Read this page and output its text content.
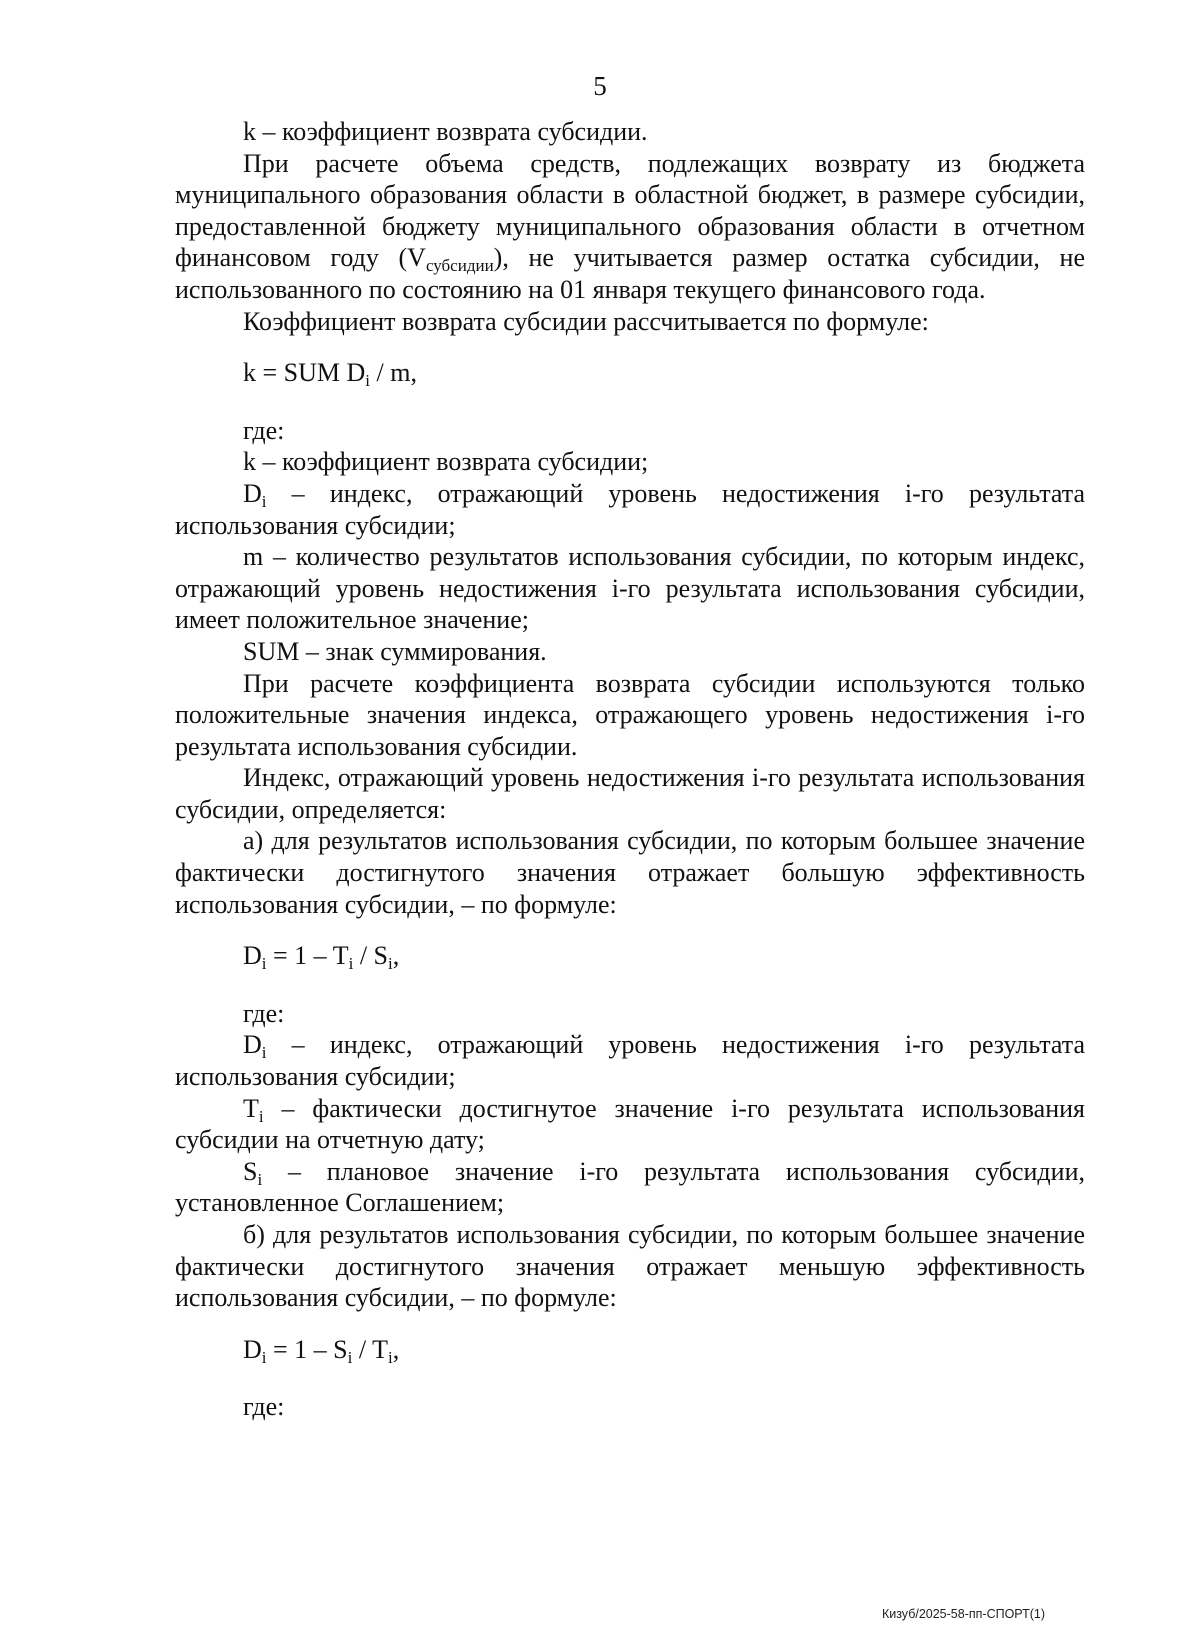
5

k – коэффициент возврата субсидии.

При расчете объема средств, подлежащих возврату из бюджета муниципального образования области в областной бюджет, в размере субсидии, предоставленной бюджету муниципального образования области в отчетном финансовом году $(V_{субсидии})$, не учитывается размер остатка субсидии, не использованного по состоянию на 01 января текущего финансового года.

Коэффициент возврата субсидии рассчитывается по формуле:

k = SUM $D_i$ / m,

где:

k – коэффициент возврата субсидии;

$D_i$ – индекс, отражающий уровень недостижения i-го результата использования субсидии;

m – количество результатов использования субсидии, по которым индекс, отражающий уровень недостижения i-го результата использования субсидии, имеет положительное значение;

SUM – знак суммирования.

При расчете коэффициента возврата субсидии используются только положительные значения индекса, отражающего уровень недостижения i-го результата использования субсидии.

Индекс, отражающий уровень недостижения i-го результата использования субсидии, определяется:

а) для результатов использования субсидии, по которым большее значение фактически достигнутого значения отражает большую эффективность использования субсидии, – по формуле:

$D_i = 1 - T_i / S_i$,

где:

$D_i$ – индекс, отражающий уровень недостижения i-го результата использования субсидии;

$T_i$ – фактически достигнутое значение i-го результата использования субсидии на отчетную дату;

$S_i$ – плановое значение i-го результата использования субсидии, установленное Соглашением;

б) для результатов использования субсидии, по которым большее значение фактически достигнутого значения отражает меньшую эффективность использования субсидии, – по формуле:

$D_i = 1 - S_i / T_i$,

где:

Кизуб/2025-58-пп-СПОРТ(1)
